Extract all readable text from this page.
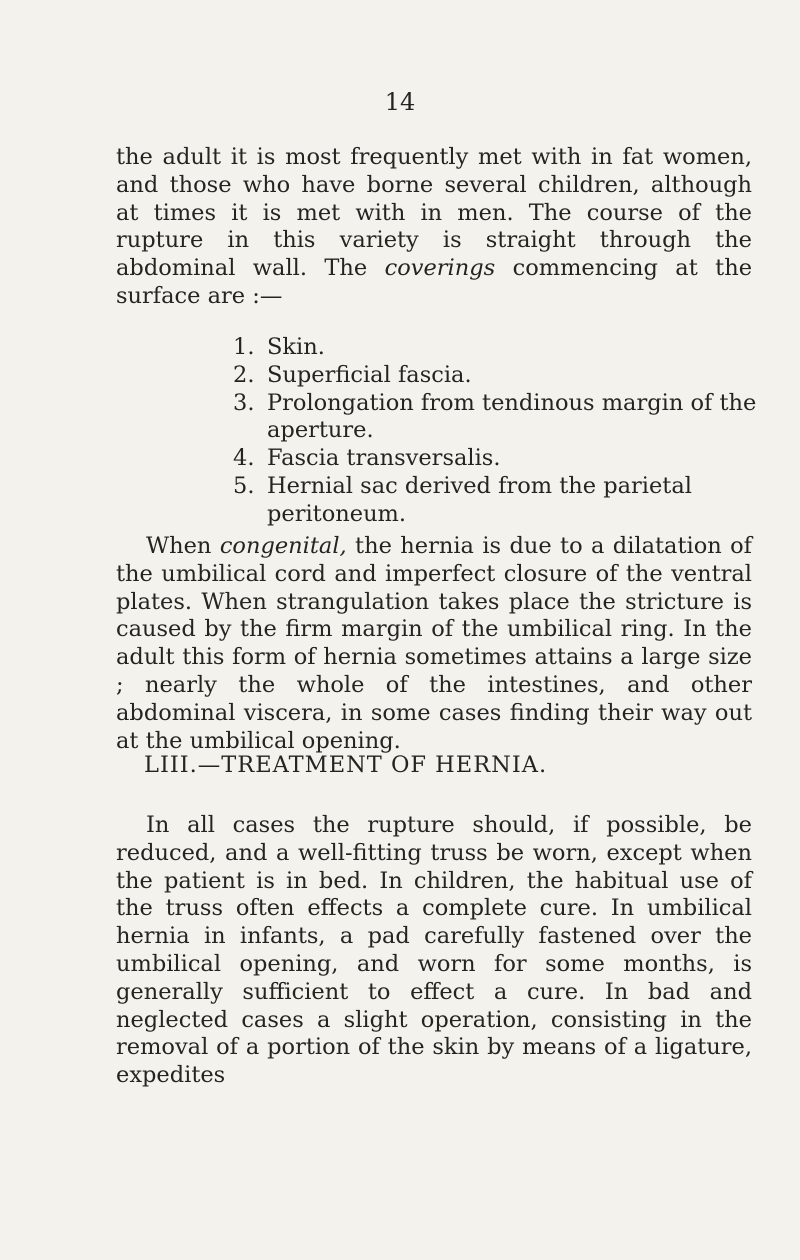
14

the adult it is most frequently met with in fat women, and those who have borne several children, although at times it is met with in men. The course of the rupture in this variety is straight through the abdominal wall. The coverings commencing at the surface are :—

1. Skin.
2. Superficial fascia.
3. Prolongation from tendinous margin of the aperture.
4. Fascia transversalis.
5. Hernial sac derived from the parietal peritoneum.

When congenital, the hernia is due to a dilatation of the umbilical cord and imperfect closure of the ventral plates. When strangulation takes place the stricture is caused by the firm margin of the umbilical ring. In the adult this form of hernia sometimes attains a large size ; nearly the whole of the intestines, and other abdominal viscera, in some cases finding their way out at the umbilical opening.

LIII.—TREATMENT OF HERNIA.

In all cases the rupture should, if possible, be reduced, and a well-fitting truss be worn, except when the patient is in bed. In children, the habitual use of the truss often effects a complete cure. In umbilical hernia in infants, a pad carefully fastened over the umbilical opening, and worn for some months, is generally sufficient to effect a cure. In bad and neglected cases a slight operation, consisting in the removal of a portion of the skin by means of a ligature, expedites
